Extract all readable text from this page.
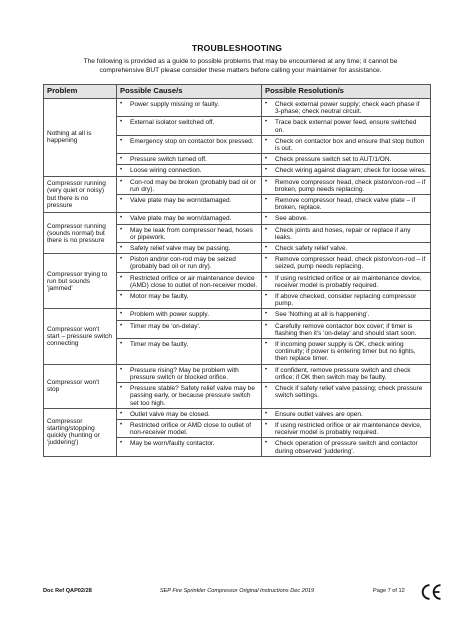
TROUBLESHOOTING
The following is provided as a guide to possible problems that may be encountered at any time; it cannot be comprehensive BUT please consider these matters before calling your maintainer for assistance.
Problem	Possible Cause/s	Possible Resolution/s
Nothing at all is happening	• Power supply missing or faulty.	• Check external power supply; check each phase if 3-phase; check neutral circuit.

	• External isolator switched off.	• Trace back external power feed, ensure switched on.

	• Emergency stop on contactor box pressed.	• Check on contactor box and ensure that stop button is out.

	• Pressure switch turned off.	• Check pressure switch set to AUT/1/ON.

	• Loose wiring connection.	• Check wiring against diagram; check for loose wires.

Compressor running (very quiet or noisy) but there is no pressure	• Con-rod may be broken (probably bad oil or run dry).	• Remove compressor head, check piston/con-rod – if broken, pump needs replacing.

	• Valve plate may be worn/damaged.	• Remove compressor head, check valve plate – if broken, replace.

Compressor running (sounds normal) but there is no pressure	• Valve plate may be worn/damaged.	• See above.

	• May be leak from compressor head, hoses or pipework.	• Check joints and hoses, repair or replace if any leaks.

	• Safety relief valve may be passing.	• Check safety relief valve.

Compressor trying to run but sounds 'jammed'	• Piston and/or con-rod may be seized (probably bad oil or run dry).	• Remove compressor head, check piston/con-rod – if seized, pump needs replacing.

	• Restricted orifice or air maintenance device (AMD) close to outlet of non-receiver model.	• If using restricted orifice or air maintenance device, receiver model is probably required.

	• Motor may be faulty.	• If above checked, consider replacing compressor pump.

Compressor won't start – pressure switch connecting	• Problem with power supply.	• See 'Nothing at all is happening'.

	• Timer may be 'on-delay'.	• Carefully remove contactor box cover; if timer is flashing then it's 'on-delay' and should start soon.

	• Timer may be faulty.	• If incoming power supply is OK, check wiring continuity; if power is entering timer but no lights, then replace timer.

Compressor won't stop	• Pressure rising? May be problem with pressure switch or blocked orifice.	• If confident, remove pressure switch and check orifice; if OK then switch may be faulty.

	• Pressure stable? Safety relief valve may be passing early, or because pressure switch set too high.	• Check if safety relief valve passing; check pressure switch settings.

Compressor starting/stopping quickly (hunting or 'juddering')	• Outlet valve may be closed.	• Ensure outlet valves are open.

	• Restricted orifice or AMD close to outlet of non-receiver model.	• If using restricted orifice or air maintenance device, receiver model is probably required.

	• May be worn/faulty contactor.	• Check operation of pressure switch and contactor during observed 'juddering'.
Doc Ref QAP02/28	SEP Fire Sprinkler Compressor Original Instructions Dec 2019	Page 7 of 12
